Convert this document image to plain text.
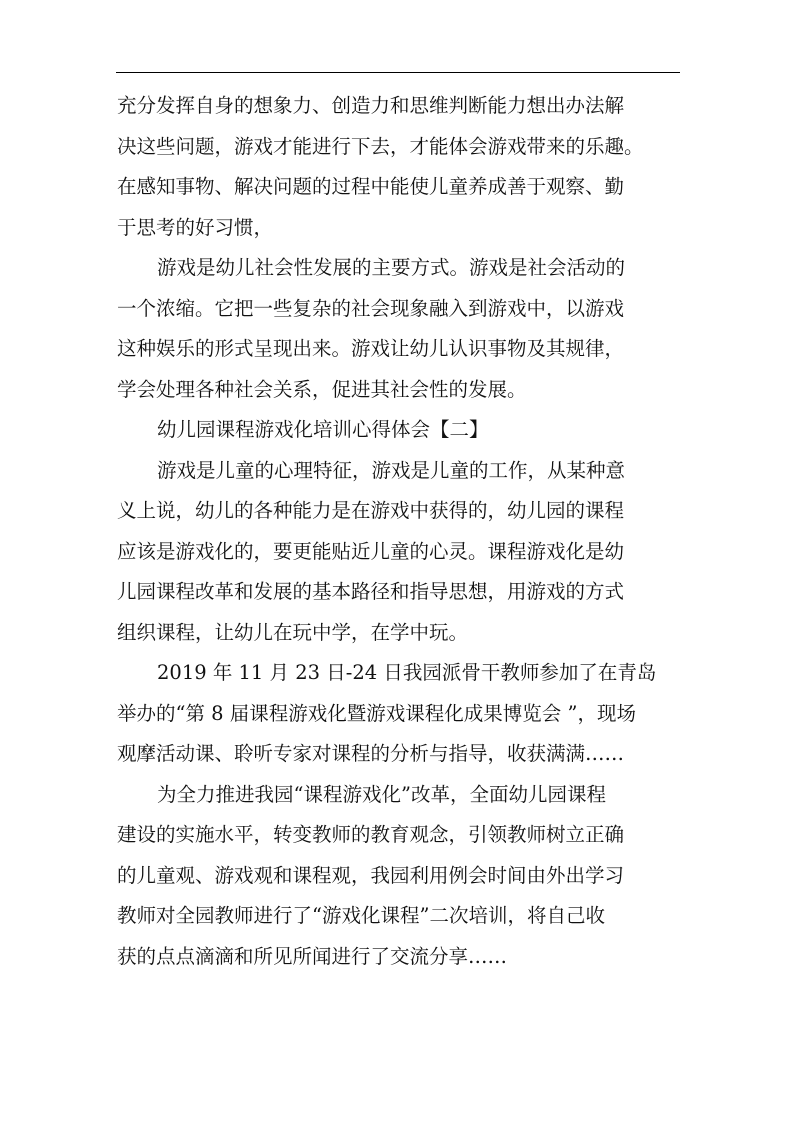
充分发挥自身的想象力、创造力和思维判断能力想出办法解
决这些问题，游戏才能进行下去，才能体会游戏带来的乐趣。
在感知事物、解决问题的过程中能使儿童养成善于观察、勤
于思考的好习惯，
游戏是幼儿社会性发展的主要方式。游戏是社会活动的
一个浓缩。它把一些复杂的社会现象融入到游戏中，以游戏
这种娱乐的形式呈现出来。游戏让幼儿认识事物及其规律，
学会处理各种社会关系，促进其社会性的发展。
幼儿园课程游戏化培训心得体会【二】
游戏是儿童的心理特征，游戏是儿童的工作，从某种意
义上说，幼儿的各种能力是在游戏中获得的，幼儿园的课程
应该是游戏化的，要更能贴近儿童的心灵。课程游戏化是幼
儿园课程改革和发展的基本路径和指导思想，用游戏的方式
组织课程，让幼儿在玩中学，在学中玩。
2019 年 11 月 23 日-24 日我园派骨干教师参加了在青岛
举办的“第 8 届课程游戏化暨游戏课程化成果博览会 ”，现场
观摩活动课、聆听专家对课程的分析与指导，收获满满……
为全力推进我园“课程游戏化”改革，全面幼儿园课程
建设的实施水平，转变教师的教育观念，引领教师树立正确
的儿童观、游戏观和课程观，我园利用例会时间由外出学习
教师对全园教师进行了“游戏化课程”二次培训，将自己收
获的点点滴滴和所见所闻进行了交流分享……
